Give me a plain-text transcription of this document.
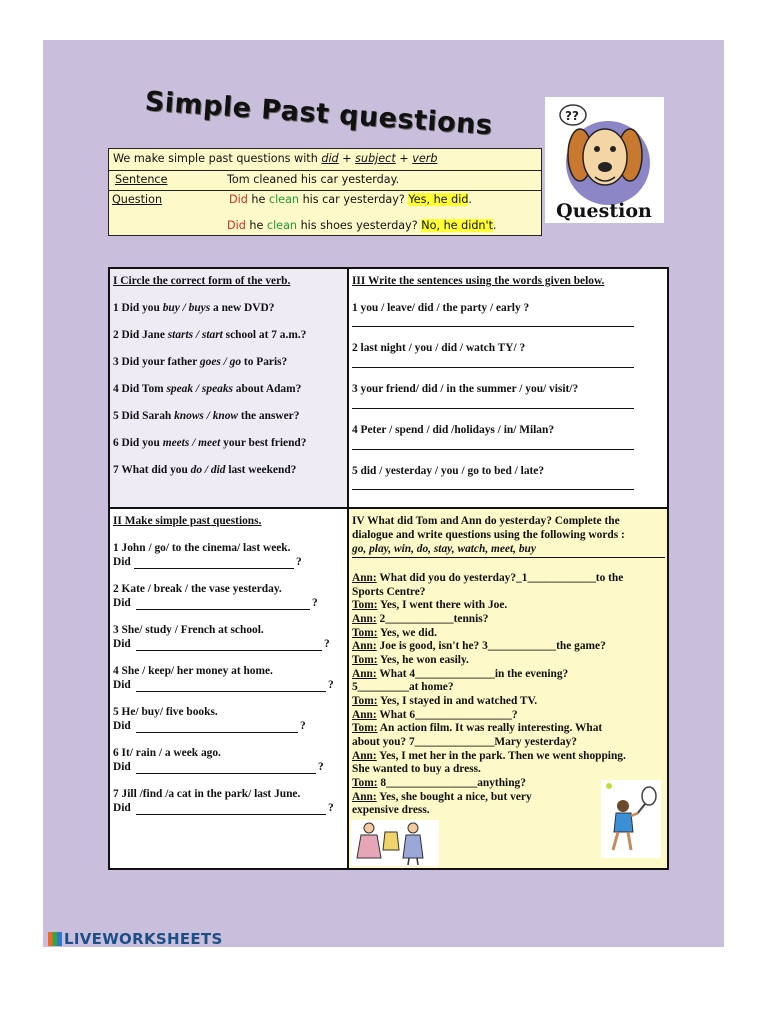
Simple Past questions	??
Question
We make simple past questions with did + subject + verb
Sentence	Tom cleaned his car yesterday.
Question	Did he clean his car yesterday? Yes, he did.
Did he clean his shoes yesterday? No, he didn't.
I Circle the correct form of the verb.
1 Did you buy / buys a new DVD?
2 Did Jane starts / start school at 7 a.m.?
3 Did your father goes / go to Paris?
4 Did Tom speak / speaks about Adam?
5 Did Sarah knows / know the answer?
6 Did you meets / meet your best friend?
7 What did you do / did last weekend?
III Write the sentences using the words given below.
1 you / leave/ did / the party / early ?
2 last night / you / did / watch TY/ ?
3 your friend/ did / in the summer / you/ visit/?
4 Peter / spend / did /holidays / in/ Milan?
5 did / yesterday / you / go to bed / late?
II Make simple past questions.
1 John / go/ to the cinema/ last week.
Did	?
2 Kate / break / the vase yesterday.
Did	?
3 She/ study / French at school.
Did	?
4 She / keep/ her money at home.
Did	?
5 He/ buy/ five books.
Did	?
6 It/ rain / a week ago.
Did	?
7 Jill /find /a cat in the park/ last June.
Did	?
IV What did Tom and Ann do yesterday? Complete the
dialogue and write questions using the following words :
go, play, win, do, stay, watch, meet, buy
Ann: What did you do yesterday?_1____________to the
Sports Centre?
Tom: Yes, I went there with Joe.
Ann: 2____________tennis?
Tom: Yes, we did.
Ann: Joe is good, isn't he? 3____________the game?
Tom: Yes, he won easily.
Ann: What 4______________in the evening?
5_________at home?
Tom: Yes, I stayed in and watched TV.
Ann: What 6_________________?
Tom: An action film. It was really interesting. What
about you? 7______________Mary yesterday?
Ann: Yes, I met her in the park. Then we went shopping.
She wanted to buy a dress.
Tom: 8________________anything?
Ann: Yes, she bought a nice, but very
expensive dress.
LIVEWORKSHEETS
